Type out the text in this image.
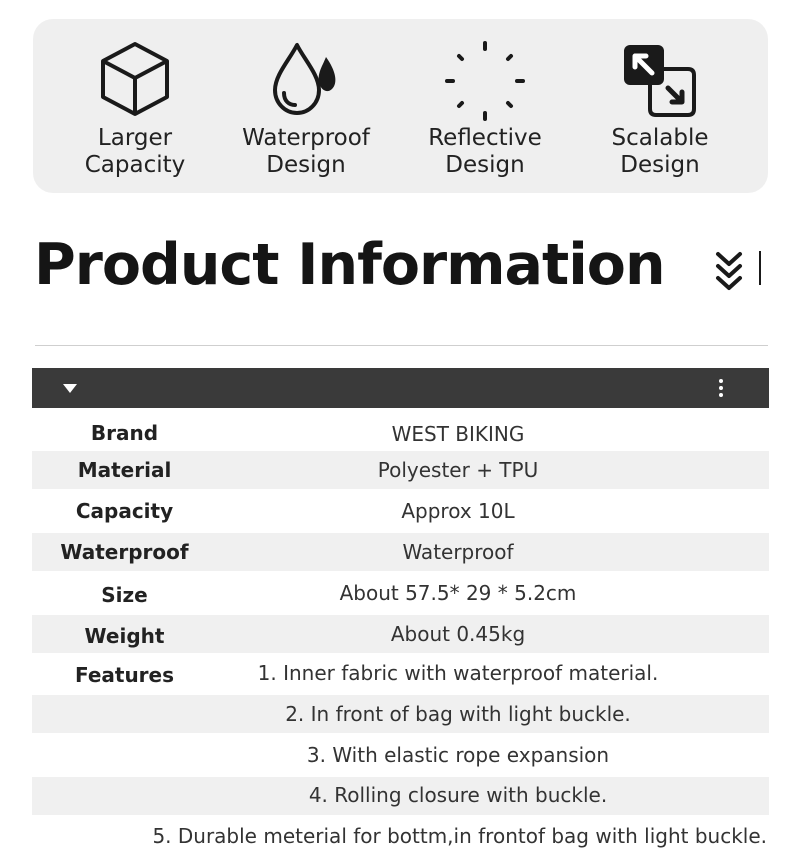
Larger
Capacity
Waterproof
Design
Reflective
Design
Scalable
Design
Product Information
Brand	WEST BIKING
Material	Polyester + TPU
Capacity	Approx 10L
Waterproof	Waterproof
Size	About 57.5* 29 * 5.2cm
Weight	About 0.45kg
Features	1. Inner fabric with waterproof material.
2. In front of bag with light buckle.
3. With elastic rope expansion
4. Rolling closure with buckle.
5. Durable meterial for bottm,in frontof bag with light buckle.
